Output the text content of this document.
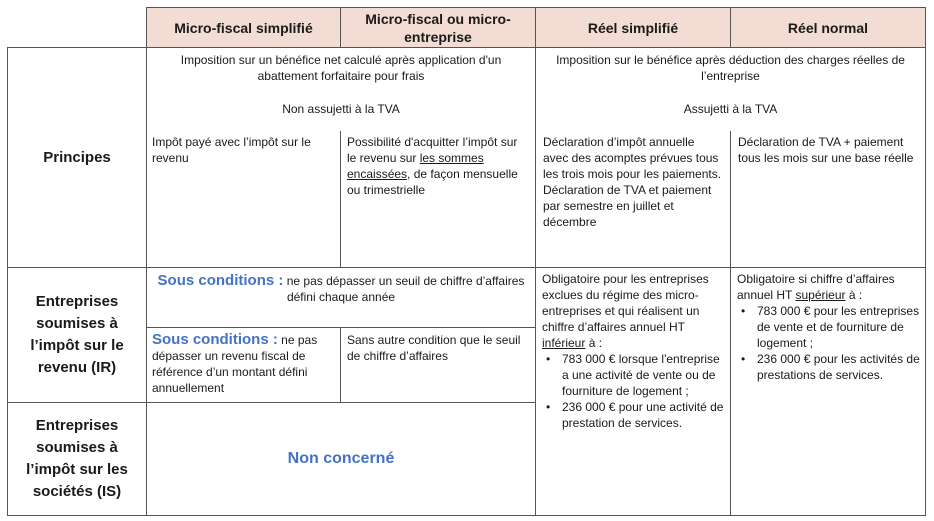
Micro-fiscal simplifié
Micro-fiscal ou micro-entreprise
Réel simplifié	Réel normal
Principes
Entreprises soumises à l’impôt sur le revenu (IR)
Entreprises soumises à l’impôt sur les sociétés (IS)
Imposition sur un bénéfice net calculé après application d'un abattement forfaitaire pour frais
Non assujetti à la TVA
Impôt payé avec l’impôt sur le revenu
Possibilité d'acquitter l’impôt sur le revenu sur les sommes encaissées, de façon mensuelle ou trimestrielle
Imposition sur le bénéfice après déduction des charges réelles de l’entreprise
Assujetti à la TVA
Déclaration d’impôt annuelle avec des acomptes prévues tous les trois mois pour les paiements.
Déclaration de TVA et paiement par semestre en juillet et décembre
Déclaration de TVA + paiement tous les mois sur une base réelle
Sous conditions : ne pas dépasser un seuil de chiffre d’affaires défini chaque année
Sous conditions : ne pas dépasser un revenu fiscal de référence d’un montant défini annuellement
Sans autre condition que le seuil de chiffre d’affaires
Obligatoire pour les entreprises exclues du régime des micro-entreprises et qui réalisent un chiffre d’affaires annuel HT inférieur à :
• 783 000 € lorsque l'entreprise a une activité de vente ou de fourniture de logement ;
• 236 000 € pour une activité de prestation de services.
Obligatoire si chiffre d’affaires annuel HT supérieur à :
• 783 000 € pour les entreprises de vente et de fourniture de logement ;
• 236 000 € pour les activités de prestations de services.
Non concerné
